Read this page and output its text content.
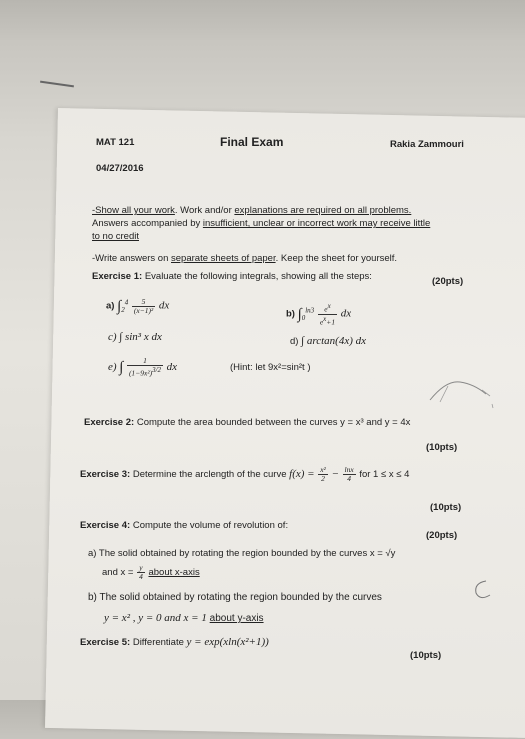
MAT 121	Final Exam	Rakia Zammouri
04/27/2016
-Show all your work. Work and/or explanations are required on all problems.
Answers accompanied by insufficient, unclear or incorrect work may receive little
to no credit
-Write answers on separate sheets of paper. Keep the sheet for yourself.
Exercise 1: Evaluate the following integrals, showing all the steps:	(20pts)
a) $\int_2^4 \frac{5}{\text{(x−1)²}}$ dx
b) $\int_0^{ln3} \frac{e^x}{e^x+1}$ dx
c) ∫ sin³ x dx	d) ∫ arctan(4x) dx
e) ∫ $\frac{1}{(1-9x^2)^{3/2}}$ dx	(Hint: let 9x²=sin²t )
Exercise 2: Compute the area bounded between the curves y = x³ and y = 4x
(10pts)
Exercise 3: Determine the arclength of the curve $f(x) = \frac{\text{x²}}{2} - \frac{\ln x}{4}$ for 1 ≤ x ≤ 4
(10pts)
Exercise 4: Compute the volume of revolution of:
(20pts)
a) The solid obtained by rotating the region bounded by the curves x = √y
and $x = \frac{y}{4}$ about x-axis
b) The solid obtained by rotating the region bounded by the curves
y = x² , y = 0 and x = 1 about y-axis
Exercise 5: Differentiate y = exp(xln(x²+1))
(10pts)
